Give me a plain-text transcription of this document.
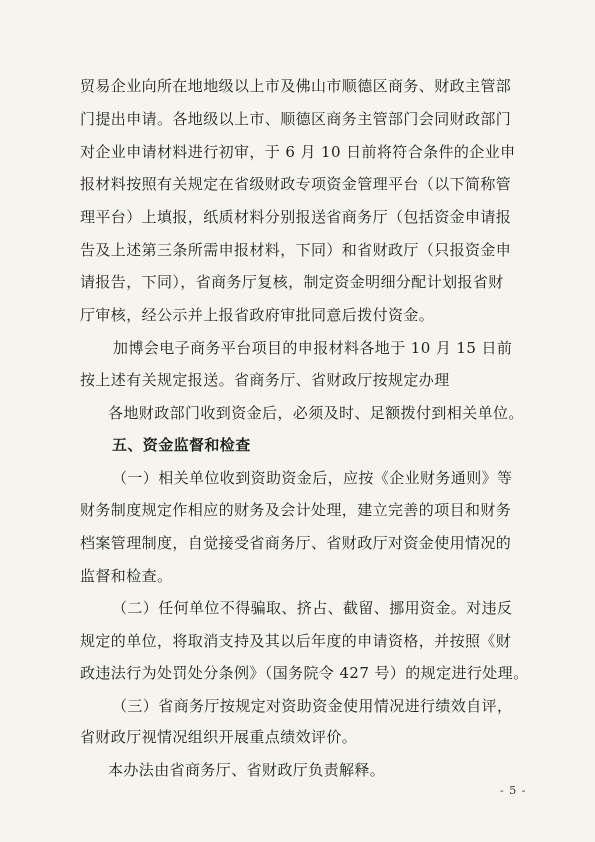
贸易企业向所在地地级以上市及佛山市顺德区商务、财政主管部
门提出申请。各地级以上市、顺德区商务主管部门会同财政部门
对企业申请材料进行初审，于 6 月 10 日前将符合条件的企业申
报材料按照有关规定在省级财政专项资金管理平台（以下简称管
理平台）上填报，纸质材料分别报送省商务厅（包括资金申请报
告及上述第三条所需申报材料，下同）和省财政厅（只报资金申
请报告，下同），省商务厅复核，制定资金明细分配计划报省财
厅审核，经公示并上报省政府审批同意后拨付资金。
加博会电子商务平台项目的申报材料各地于 10 月 15 日前
按上述有关规定报送。省商务厅、省财政厅按规定办理
各地财政部门收到资金后，必须及时、足额拨付到相关单位。
五、资金监督和检查
（一）相关单位收到资助资金后，应按《企业财务通则》等
财务制度规定作相应的财务及会计处理，建立完善的项目和财务
档案管理制度，自觉接受省商务厅、省财政厅对资金使用情况的
监督和检查。
（二）任何单位不得骗取、挤占、截留、挪用资金。对违反
规定的单位，将取消支持及其以后年度的申请资格，并按照《财
政违法行为处罚处分条例》（国务院令 427 号）的规定进行处理。
（三）省商务厅按规定对资助资金使用情况进行绩效自评，
省财政厅视情况组织开展重点绩效评价。
本办法由省商务厅、省财政厅负责解释。
- 5 -
